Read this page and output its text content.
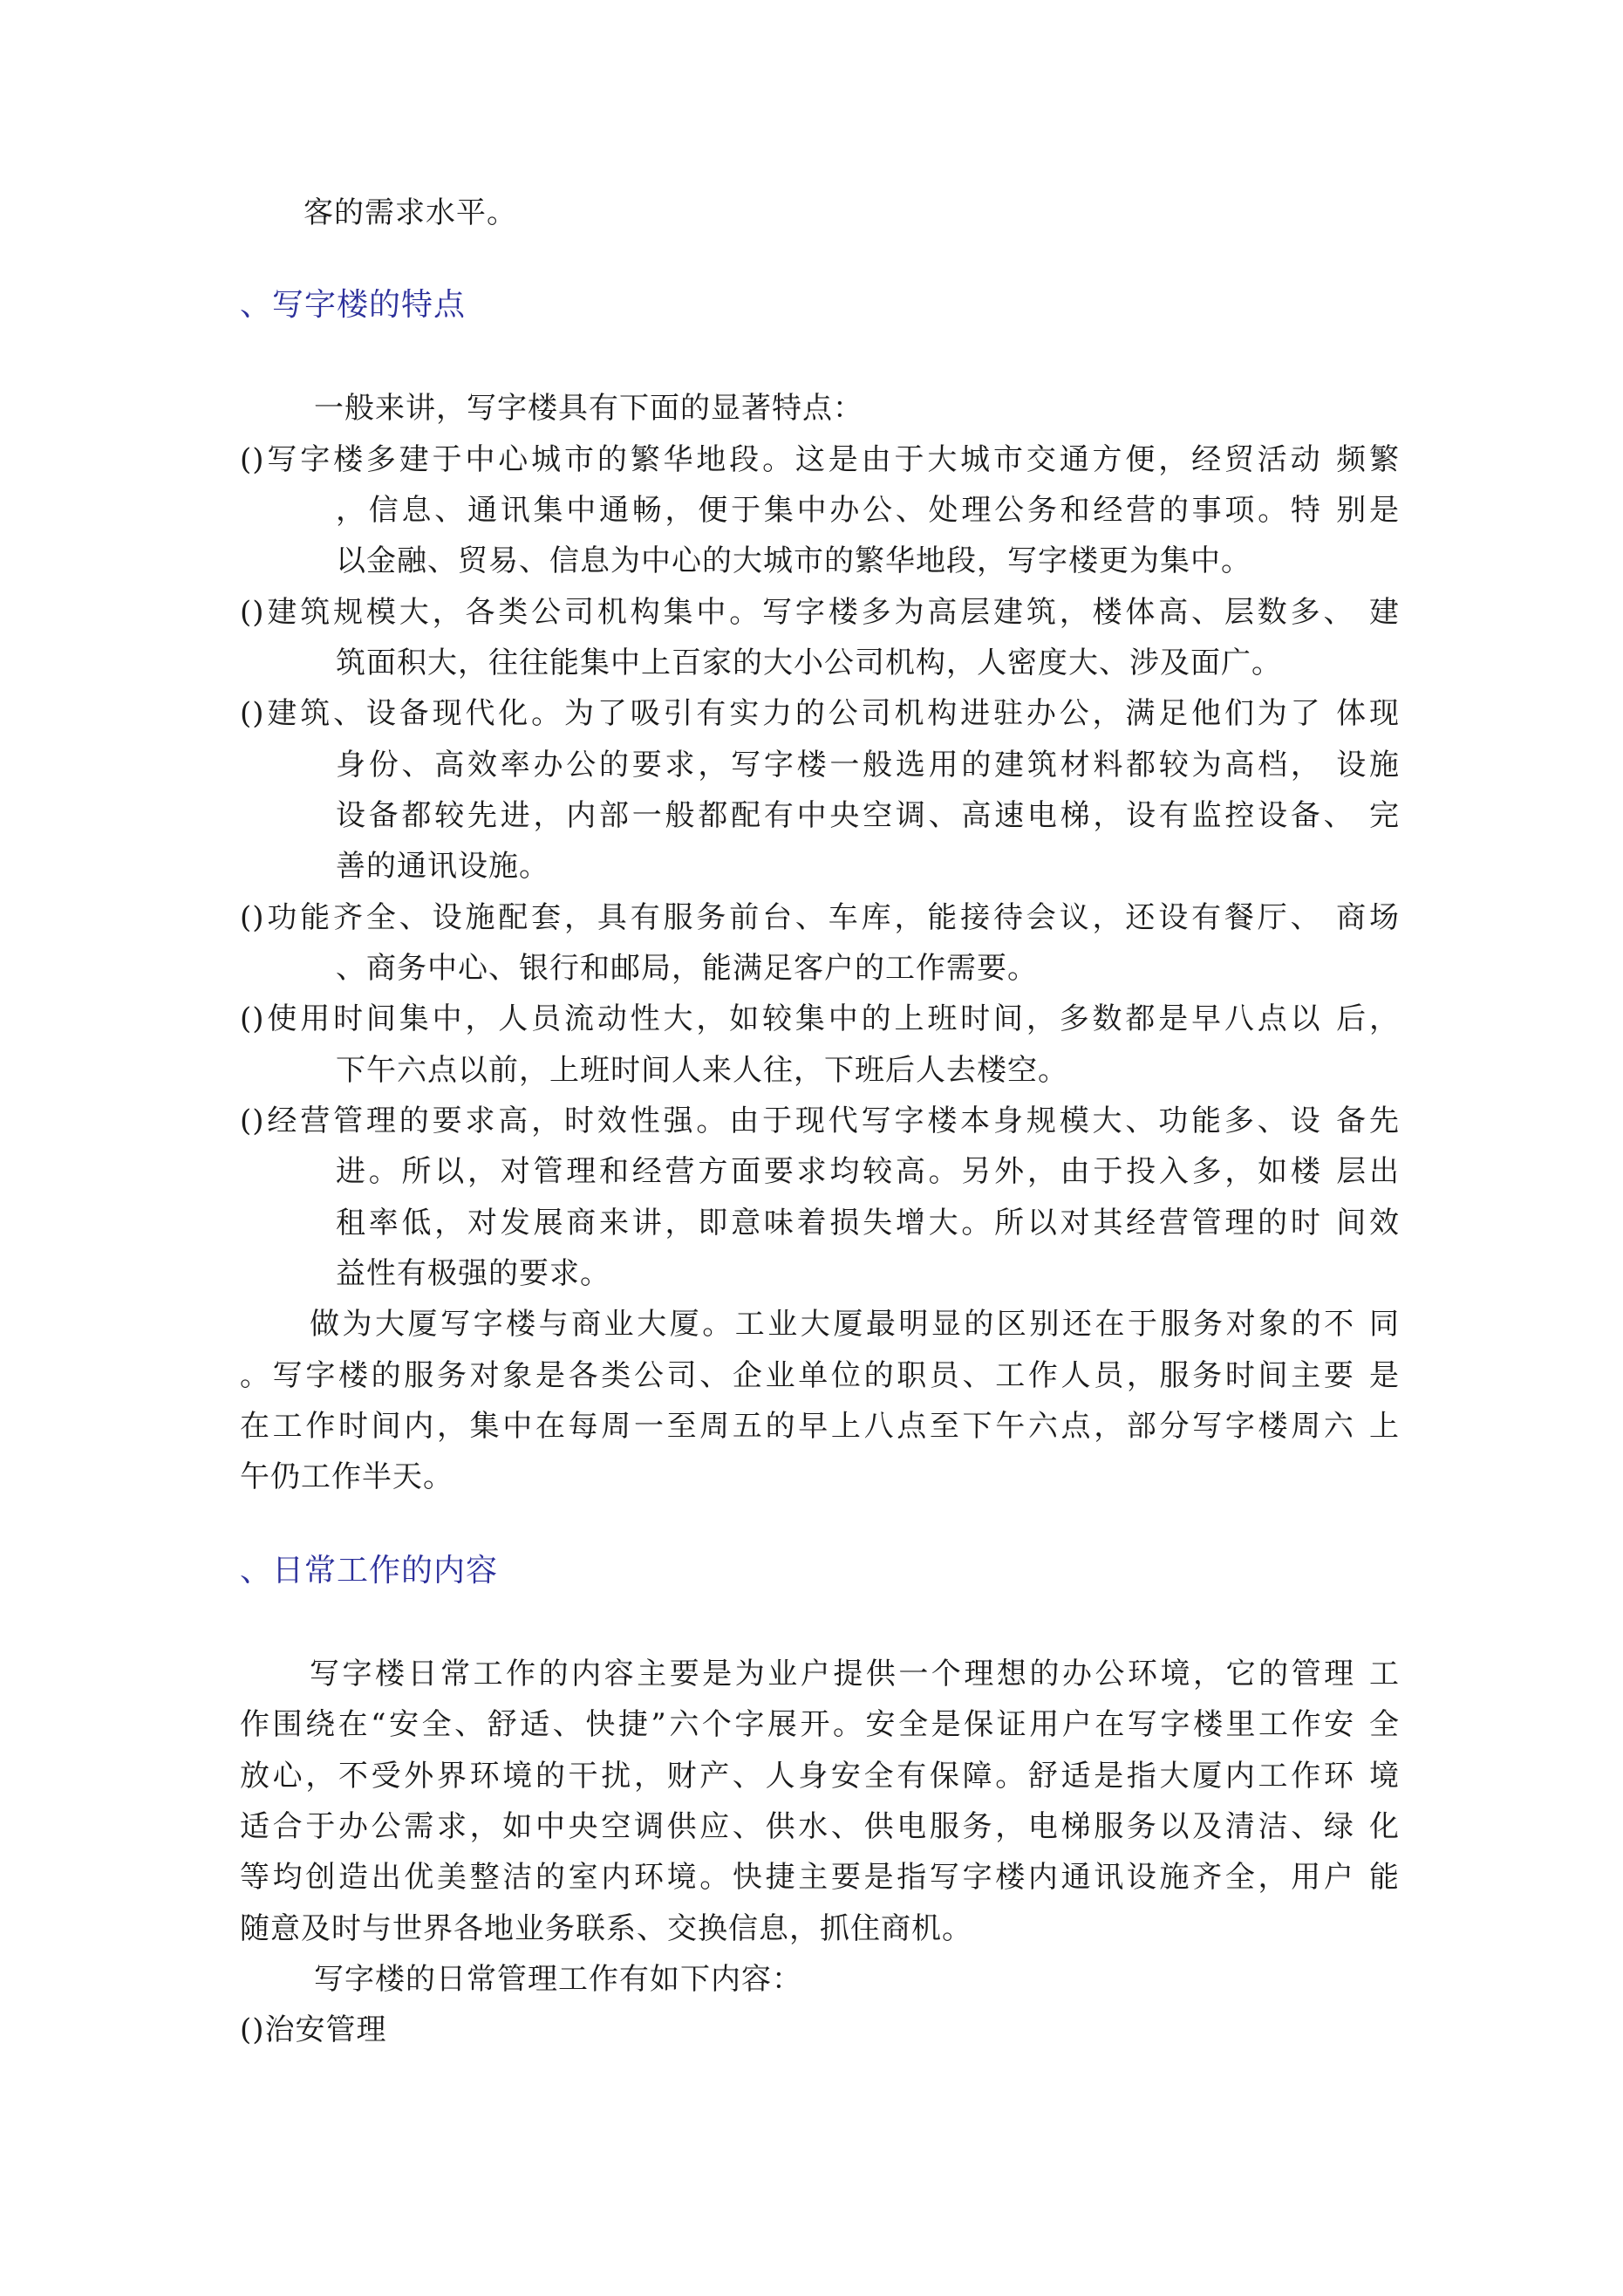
客的需求水平。
、写字楼的特点
一般来讲，写字楼具有下面的显著特点：
()写字楼多建于中心城市的繁华地段。这是由于大城市交通方便，经贸活动 频繁
，信息、通讯集中通畅，便于集中办公、处理公务和经营的事项。特 别是
以金融、贸易、信息为中心的大城市的繁华地段，写字楼更为集中。
()建筑规模大，各类公司机构集中。写字楼多为高层建筑，楼体高、层数多、 建
筑面积大，往往能集中上百家的大小公司机构，人密度大、涉及面广。
()建筑、设备现代化。为了吸引有实力的公司机构进驻办公，满足他们为了 体现
身份、高效率办公的要求，写字楼一般选用的建筑材料都较为高档， 设施
设备都较先进，内部一般都配有中央空调、高速电梯，设有监控设备、 完
善的通讯设施。
()功能齐全、设施配套，具有服务前台、车库，能接待会议，还设有餐厅、 商场
、商务中心、银行和邮局，能满足客户的工作需要。
()使用时间集中，人员流动性大，如较集中的上班时间，多数都是早八点以 后，
下午六点以前，上班时间人来人往，下班后人去楼空。
()经营管理的要求高，时效性强。由于现代写字楼本身规模大、功能多、设 备先
进。所以，对管理和经营方面要求均较高。另外，由于投入多，如楼 层出
租率低，对发展商来讲，即意味着损失增大。所以对其经营管理的时 间效
益性有极强的要求。
做为大厦写字楼与商业大厦。工业大厦最明显的区别还在于服务对象的不 同
。写字楼的服务对象是各类公司、企业单位的职员、工作人员，服务时间主要 是
在工作时间内，集中在每周一至周五的早上八点至下午六点，部分写字楼周六 上
午仍工作半天。
、日常工作的内容
写字楼日常工作的内容主要是为业户提供一个理想的办公环境，它的管理 工
作围绕在“安全、舒适、快捷”六个字展开。安全是保证用户在写字楼里工作安 全
放心，不受外界环境的干扰，财产、人身安全有保障。舒适是指大厦内工作环 境
适合于办公需求，如中央空调供应、供水、供电服务，电梯服务以及清洁、绿 化
等均创造出优美整洁的室内环境。快捷主要是指写字楼内通讯设施齐全，用户 能
随意及时与世界各地业务联系、交换信息，抓住商机。
写字楼的日常管理工作有如下内容：
()治安管理
